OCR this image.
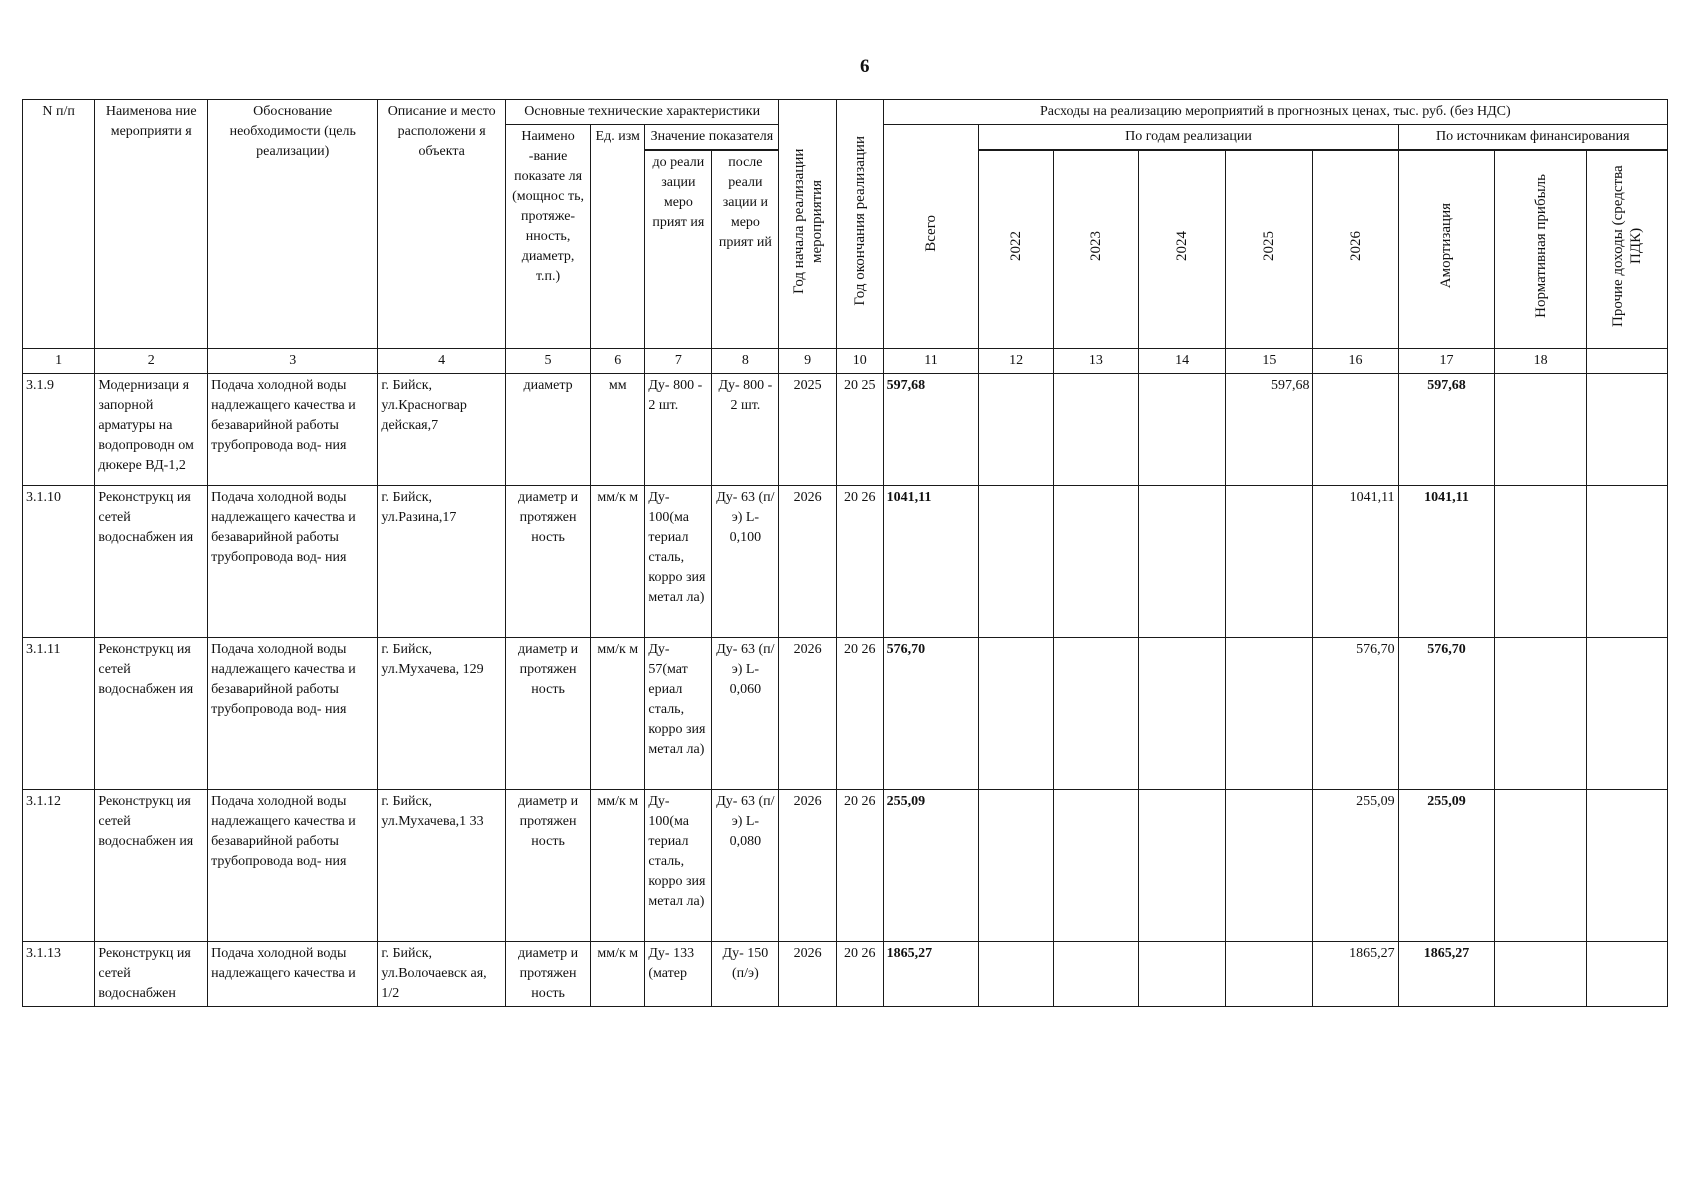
6
N п/п	Наименова ние мероприяти я	Обоснование необходимости (цель реализации)	Описание и место расположени я объекта	Основные технические характеристики				Год начала реализации мероприятия	Год окончания реализации	Расходы на реализацию мероприятий в прогнозных ценах, тыс. руб. (без НДС)								
				Наимено -вание показате ля (мощнос ть, протяже- нность, диаметр, т.п.)	Ед. изм	Значение показателя				Всего	По годам реализации					По источникам финансирования		

						до реали зации меро прият ия	после реали зации и меро прият ий				2022	2023	2024	2025	2026	Амортизация	Нормативная прибыль	Прочие доходы (средства ПДК)
1	2	3	4	5	6	7	8	9	10	11	12	13	14	15	16	17	18	
3.1.9	Модернизаци я запорной арматуры на водопроводн ом дюкере ВД-1,2	Подача холодной воды надлежащего качества и безаварийной работы трубопровода вод- ния	г. Бийск, ул.Красногвар дейская,7	диаметр	мм	Ду- 800 - 2 шт.	Ду- 800 - 2 шт.	2025	20 25	597,68				597,68		597,68		
3.1.10	Реконструкц ия сетей водоснабжен ия	Подача холодной воды надлежащего качества и безаварийной работы трубопровода вод- ния	г. Бийск, ул.Разина,17	диаметр и протяжен ность	мм/к м	Ду- 100(ма териал сталь, корро зия метал ла)	Ду- 63 (п/э) L- 0,100	2026	20 26	1041,11					1041,11	1041,11		
3.1.11	Реконструкц ия сетей водоснабжен ия	Подача холодной воды надлежащего качества и безаварийной работы трубопровода вод- ния	г. Бийск, ул.Мухачева, 129	диаметр и протяжен ность	мм/к м	Ду- 57(мат ериал сталь, корро зия метал ла)	Ду- 63 (п/э) L- 0,060	2026	20 26	576,70					576,70	576,70		
3.1.12	Реконструкц ия сетей водоснабжен ия	Подача холодной воды надлежащего качества и безаварийной работы трубопровода вод- ния	г. Бийск, ул.Мухачева,1 33	диаметр и протяжен ность	мм/к м	Ду- 100(ма териал сталь, корро зия метал ла)	Ду- 63 (п/э) L- 0,080	2026	20 26	255,09					255,09	255,09		
3.1.13	Реконструкц ия сетей водоснабжен	Подача холодной воды надлежащего качества и	г. Бийск, ул.Волочаевск ая, 1/2	диаметр и протяжен ность	мм/к м	Ду- 133 (матер	Ду- 150 (п/э)	2026	20 26	1865,27					1865,27	1865,27		
